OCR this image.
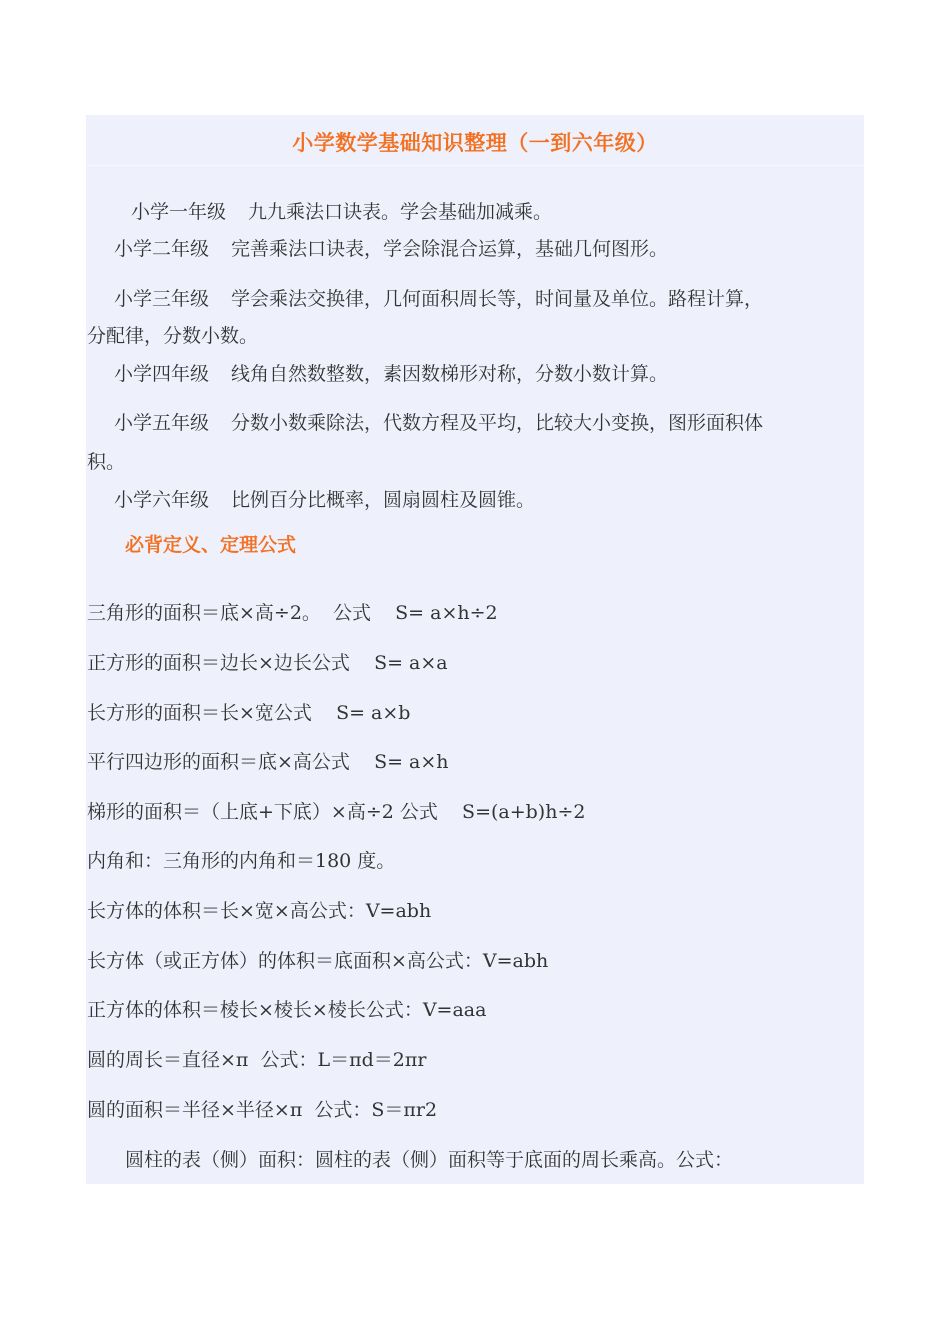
小学数学基础知识整理（一到六年级）
小学一年级 九九乘法口诀表。学会基础加减乘。
小学二年级 完善乘法口诀表，学会除混合运算，基础几何图形。
小学三年级 学会乘法交换律，几何面积周长等，时间量及单位。路程计算，
分配律，分数小数。
小学四年级 线角自然数整数，素因数梯形对称，分数小数计算。
小学五年级 分数小数乘除法，代数方程及平均，比较大小变换，图形面积体
积。
小学六年级 比例百分比概率，圆扇圆柱及圆锥。
必背定义、定理公式
三角形的面积＝底×高÷2。  公式    S= a×h÷2
正方形的面积＝边长×边长公式    S= a×a
长方形的面积＝长×宽公式    S= a×b
平行四边形的面积＝底×高公式    S= a×h
梯形的面积＝（上底+下底）×高÷2 公式    S=(a+b)h÷2
内角和：三角形的内角和＝180 度。
长方体的体积＝长×宽×高公式：V=abh
长方体（或正方体）的体积＝底面积×高公式：V=abh
正方体的体积＝棱长×棱长×棱长公式：V=aaa
圆的周长＝直径×π  公式：L＝πd＝2πr
圆的面积＝半径×半径×π  公式：S＝πr2
圆柱的表（侧）面积：圆柱的表（侧）面积等于底面的周长乘高。公式：
